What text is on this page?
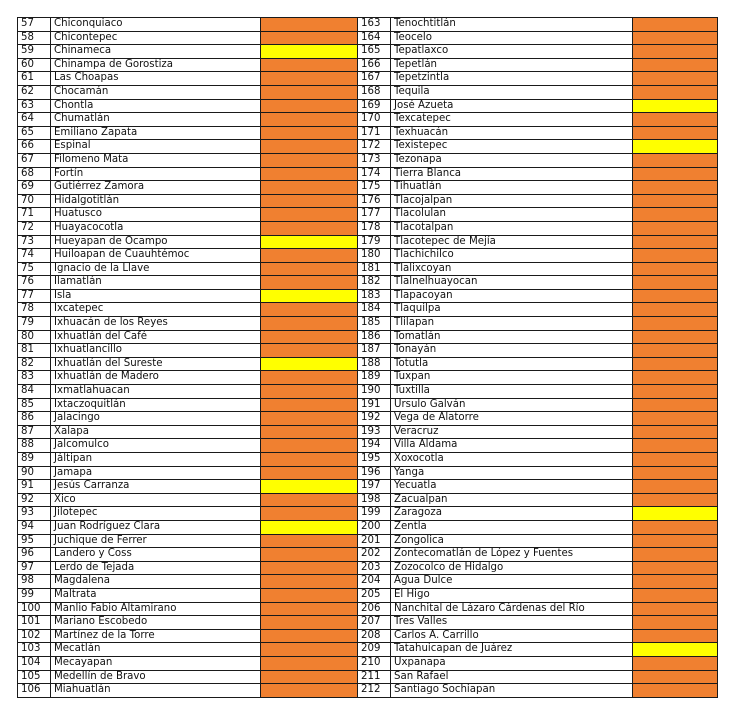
57	Chiconquiaco	
58	Chicontepec	
59	Chinameca	
60	Chinampa de Gorostiza	
61	Las Choapas	
62	Chocamán	
63	Chontla	
64	Chumatlán	
65	Emiliano Zapata	
66	Espinal	
67	Filomeno Mata	
68	Fortín	
69	Gutiérrez Zamora	
70	Hidalgotitlán	
71	Huatusco	
72	Huayacocotla	
73	Hueyapan de Ocampo	
74	Huiloapan de Cuauhtémoc	
75	Ignacio de la Llave	
76	Ilamatlán	
77	Isla	
78	Ixcatepec	
79	Ixhuacán de los Reyes	
80	Ixhuatlán del Café	
81	Ixhuatlancillo	
82	Ixhuatlán del Sureste	
83	Ixhuatlán de Madero	
84	Ixmatlahuacan	
85	Ixtaczoquitlán	
86	Jalacingo	
87	Xalapa	
88	Jalcomulco	
89	Jáltipan	
90	Jamapa	
91	Jesús Carranza	
92	Xico	
93	Jilotepec	
94	Juan Rodríguez Clara	
95	Juchique de Ferrer	
96	Landero y Coss	
97	Lerdo de Tejada	
98	Magdalena	
99	Maltrata	
100	Manlio Fabio Altamirano	
101	Mariano Escobedo	
102	Martínez de la Torre	
103	Mecatlán	
104	Mecayapan	
105	Medellín de Bravo	
106	Miahuatlán	
163	Tenochtitlán	
164	Teocelo	
165	Tepatlaxco	
166	Tepetlán	
167	Tepetzintla	
168	Tequila	
169	José Azueta	
170	Texcatepec	
171	Texhuacán	
172	Texistepec	
173	Tezonapa	
174	Tierra Blanca	
175	Tihuatlán	
176	Tlacojalpan	
177	Tlacolulan	
178	Tlacotalpan	
179	Tlacotepec de Mejía	
180	Tlachichilco	
181	Tlalixcoyan	
182	Tlalnelhuayocan	
183	Tlapacoyan	
184	Tlaquilpa	
185	Tlilapan	
186	Tomatlán	
187	Tonayán	
188	Totutla	
189	Tuxpan	
190	Tuxtilla	
191	Ursulo Galván	
192	Vega de Alatorre	
193	Veracruz	
194	Villa Aldama	
195	Xoxocotla	
196	Yanga	
197	Yecuatla	
198	Zacualpan	
199	Zaragoza	
200	Zentla	
201	Zongolica	
202	Zontecomatlán de López y Fuentes	
203	Zozocolco de Hidalgo	
204	Agua Dulce	
205	El Higo	
206	Nanchital de Lázaro Cárdenas del Río	
207	Tres Valles	
208	Carlos A. Carrillo	
209	Tatahuicapan de Juárez	
210	Uxpanapa	
211	San Rafael	
212	Santiago Sochiapan	
